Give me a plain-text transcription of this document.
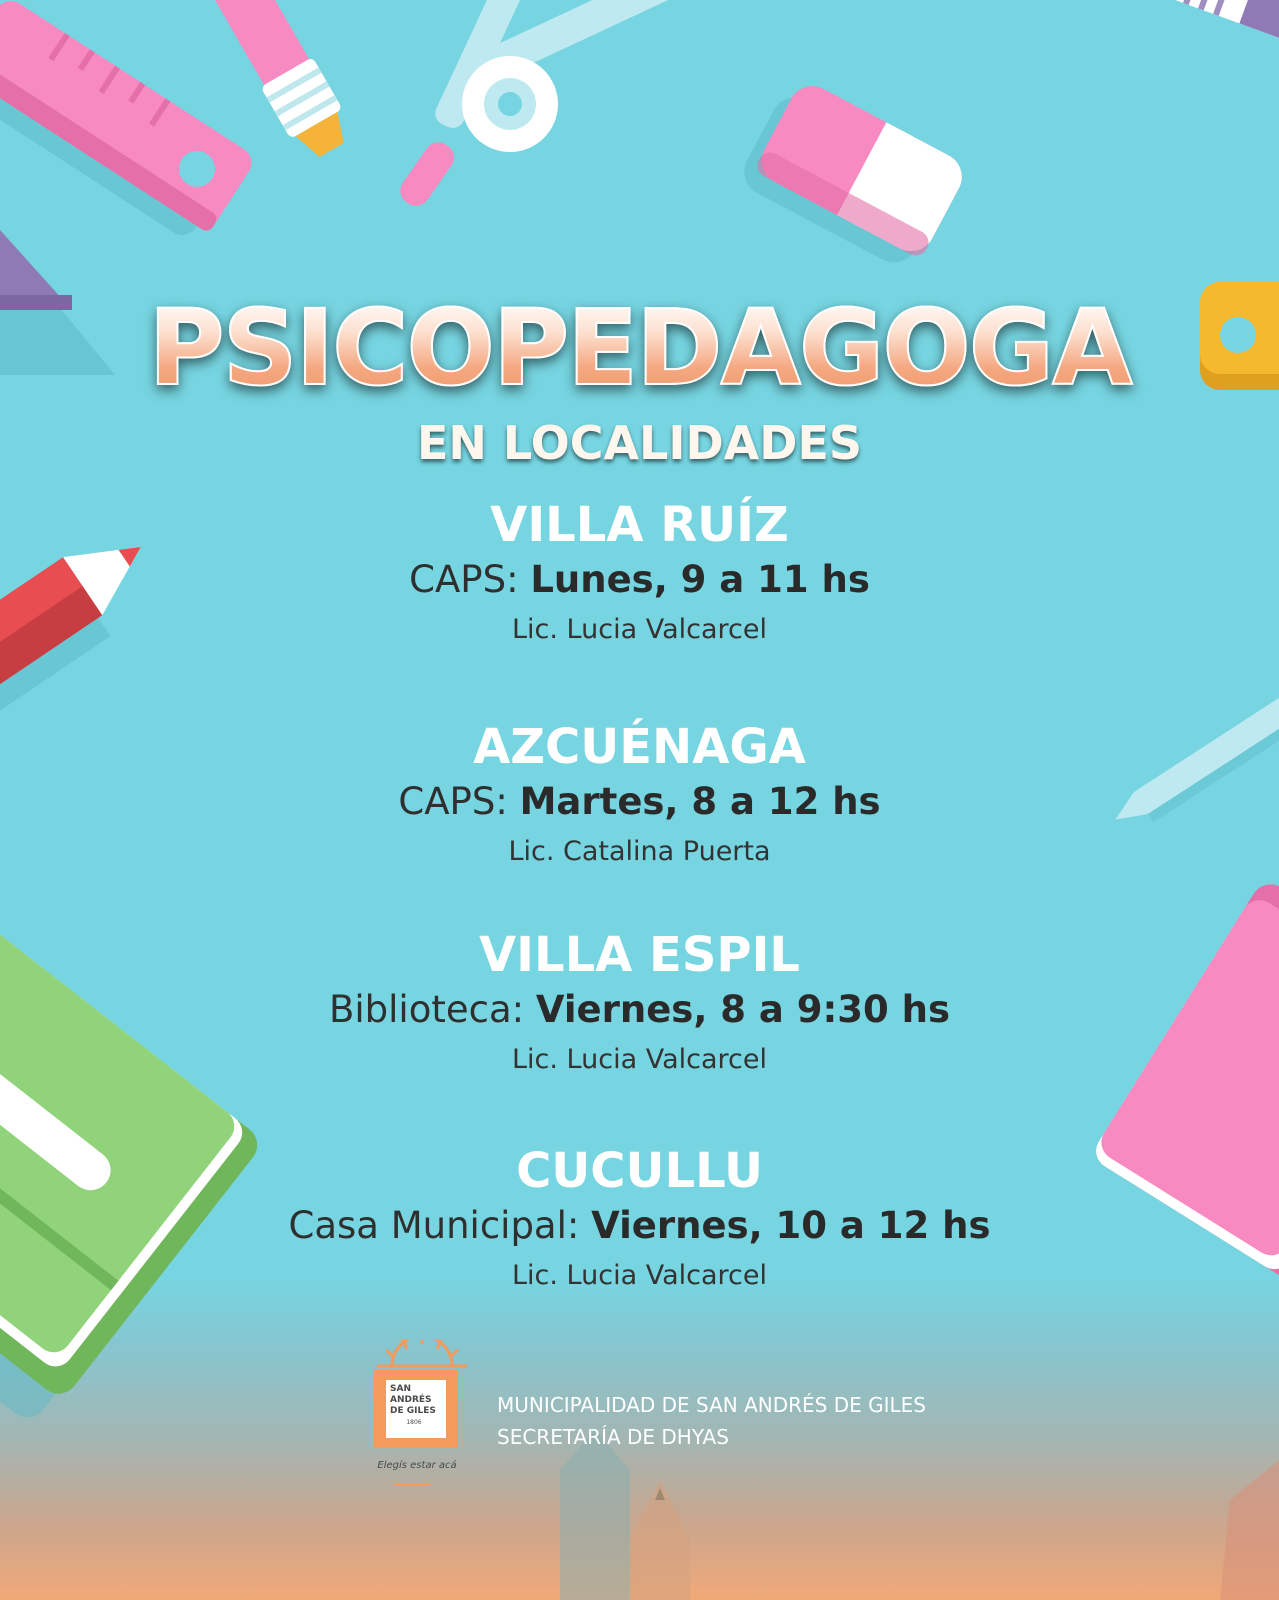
PSICOPEDAGOGA
EN LOCALIDADES
VILLA RUÍZ
CAPS: Lunes, 9 a 11 hs
Lic. Lucia Valcarcel
AZCUÉNAGA
CAPS: Martes, 8 a 12 hs
Lic. Catalina Puerta
VILLA ESPIL
Biblioteca: Viernes, 8 a 9:30 hs
Lic. Lucia Valcarcel
CUCULLU
Casa Municipal: Viernes, 10 a 12 hs
Lic. Lucia Valcarcel
SAN
ANDRÉS
DE GILES
1806
Elegís estar acá
MUNICIPALIDAD DE SAN ANDRÉS DE GILES
SECRETARÍA DE DHYAS
